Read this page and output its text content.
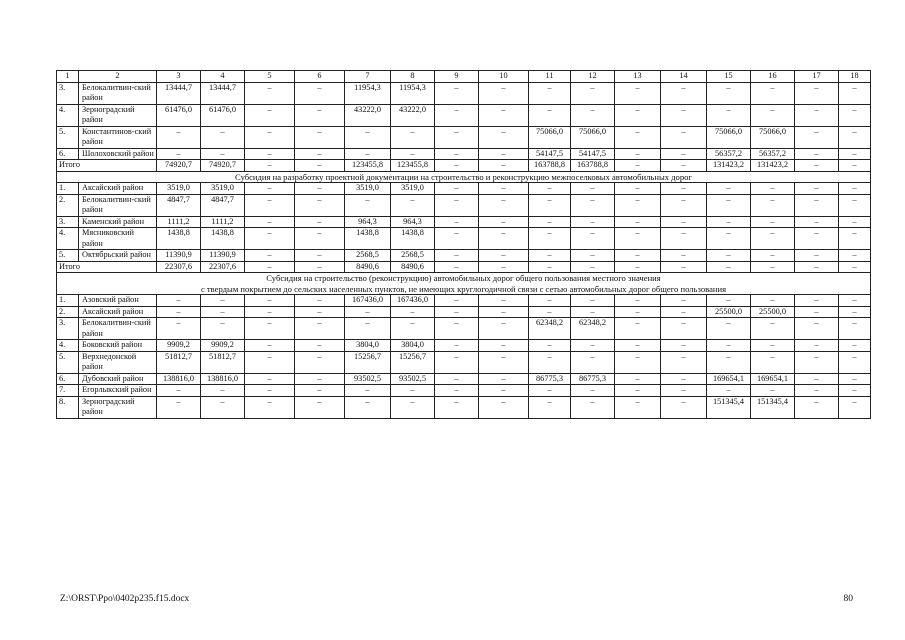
1	2	3	4	5	6	7	8	9	10	11	12	13	14	15	16	17	18
3.	Белокалитвин-ский район	13444,7	13444,7	–	–	11954,3	11954,3	–	–	–	–	–	–	–	–	–	–
4.	Зерноградский район	61476,0	61476,0	–	–	43222,0	43222,0	–	–	–	–	–	–	–	–	–	–
5.	Константинов-ский район	–	–	–	–	–	–	–	–	75066,0	75066,0	–	–	75066,0	75066,0	–	–
6.	Шолоховский район	–	–	–	–	–	–	–	–	54147,5	54147,5	–	–	56357,2	56357,2	–	–
Итого		74920,7	74920,7	–	–	123455,8	123455,8	–	–	163788,8	163788,8	–	–	131423,2	131423,2	–	–

Субсидия на разработку проектной документации на строительство и реконструкцию межпоселковых автомобильных дорог																	

1.	Аксайский район	3519,0	3519,0	–	–	3519,0	3519,0	–	–	–	–	–	–	–	–	–	–
2.	Белокалитвин-ский район	4847,7	4847,7	–	–	–	–	–	–	–	–	–	–	–	–	–	–
3.	Каменский район	1111,2	1111,2	–	–	964,3	964,3	–	–	–	–	–	–	–	–	–	–
4.	Мясниковский район	1438,8	1438,8	–	–	1438,8	1438,8	–	–	–	–	–	–	–	–	–	–
5.	Октябрьский район	11390,9	11390,9	–	–	2568,5	2568,5	–	–	–	–	–	–	–	–	–	–
Итого		22307,6	22307,6	–	–	8490,6	8490,6	–	–	–	–	–	–	–	–	–	–

Субсидия на строительство (реконструкцию) автомобильных дорог общего пользования местного значения
с твердым покрытием до сельских населенных пунктов, не имеющих круглогодичной связи с сетью автомобильных дорог общего пользования																	

1.	Азовский район	–	–	–	–	167436,0	167436,0	–	–	–	–	–	–	–	–	–	–
2.	Аксайский район	–	–	–	–	–	–	–	–	–	–	–	–	25500,0	25500,0	–	–
3.	Белокалитвин-ский район	–	–	–	–	–	–	–	–	62348,2	62348,2	–	–	–	–	–	–
4.	Боковский район	9909,2	9909,2	–	–	3804,0	3804,0	–	–	–	–	–	–	–	–	–	–
5.	Верхнедонской район	51812,7	51812,7	–	–	15256,7	15256,7	–	–	–	–	–	–	–	–	–	–
6.	Дубовский район	138816,0	138816,0	–	–	93502,5	93502,5	–	–	86775,3	86775,3	–	–	169654,1	169654,1	–	–
7.	Егорлыкский район	–	–	–	–	–	–	–	–	–	–	–	–	–	–	–	–
8.	Зерноградский район	–	–	–	–	–	–	–	–	–	–	–	–	151345,4	151345,4	–	–
Z:\ORST\Ppo\0402p235.f15.docx	80
